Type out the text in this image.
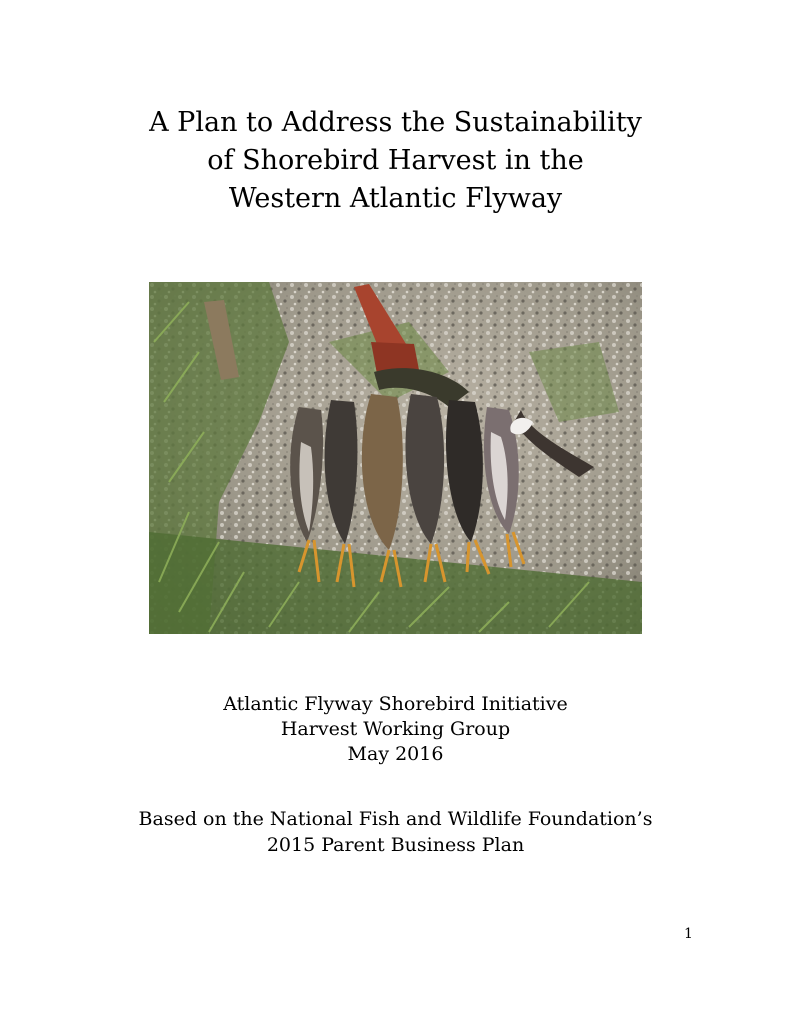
A Plan to Address the Sustainability
of Shorebird Harvest in the
Western Atlantic Flyway
Atlantic Flyway Shorebird Initiative
Harvest Working Group
May 2016
Based on the National Fish and Wildlife Foundation’s
2015 Parent Business Plan
1
